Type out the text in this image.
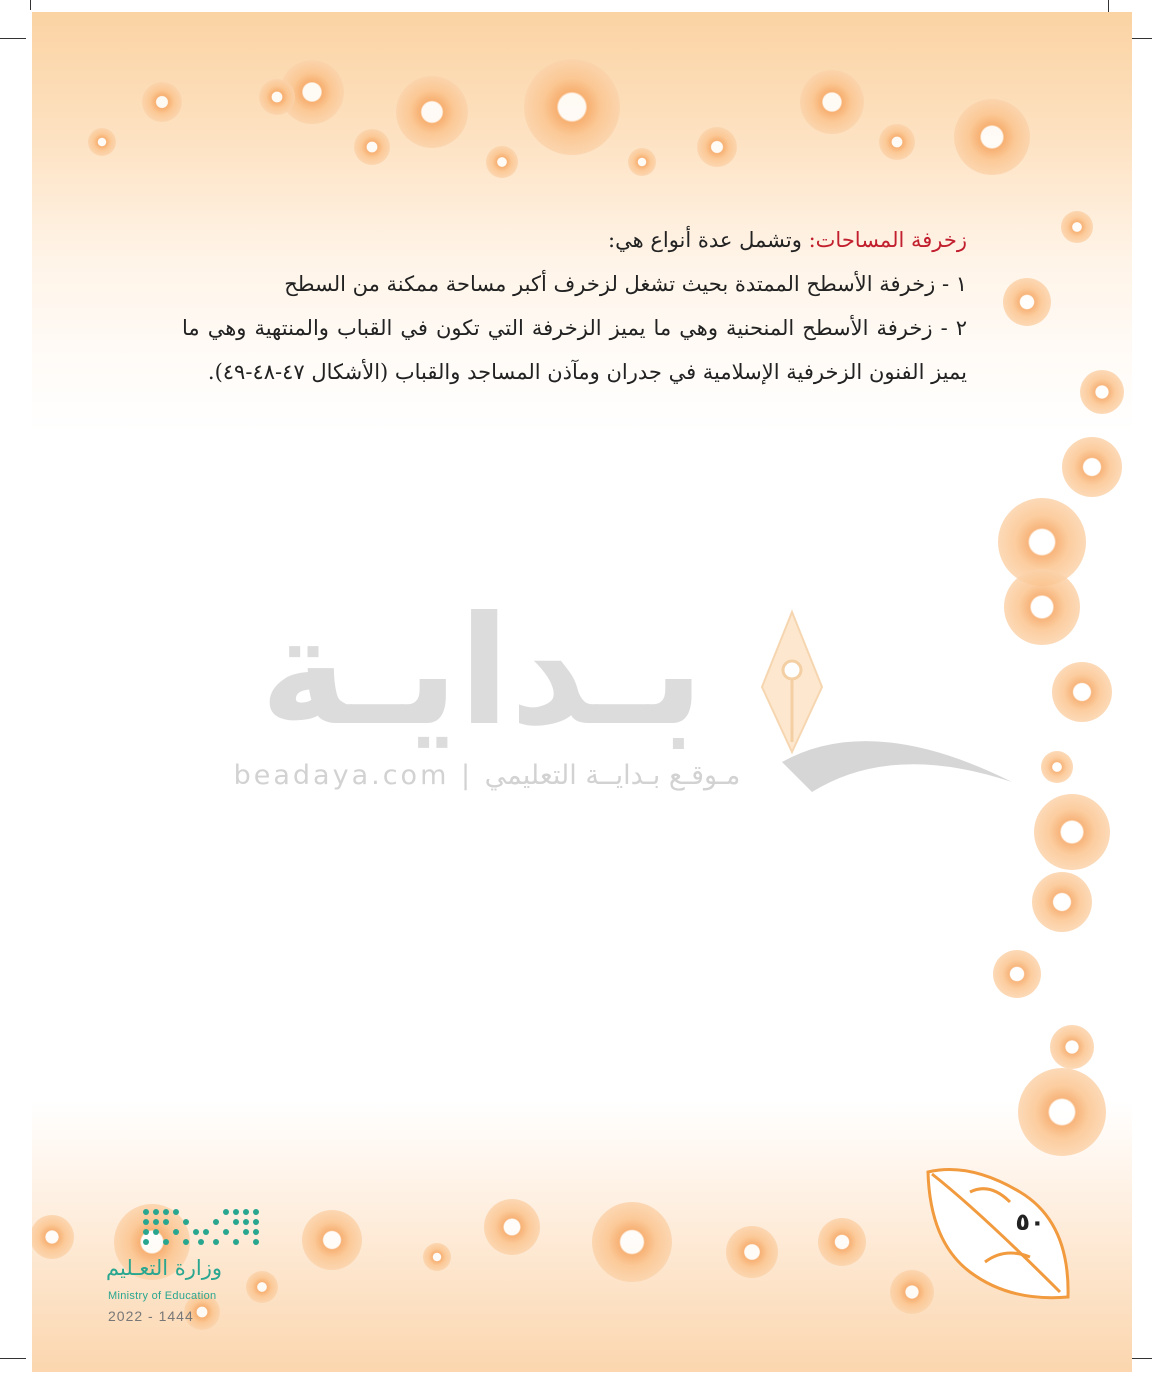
زخرفة المساحات: وتشمل عدة أنواع هي:

١ - زخرفة الأسطح الممتدة بحيث تشغل لزخرف أكبر مساحة ممكنة من السطح

٢ - زخرفة الأسطح المنحنية وهي ما يميز الزخرفة التي تكون في القباب والمنتهية وهي ما يميز الفنون الزخرفية الإسلامية في جدران ومآذن المساجد والقباب (الأشكال ٤٧-٤٨-٤٩).

بـدايـة
beadaya.com | مـوقـع بـدايــة التعليمي
وزارة التعـليم
Ministry of Education
2022 - 1444
٥٠
